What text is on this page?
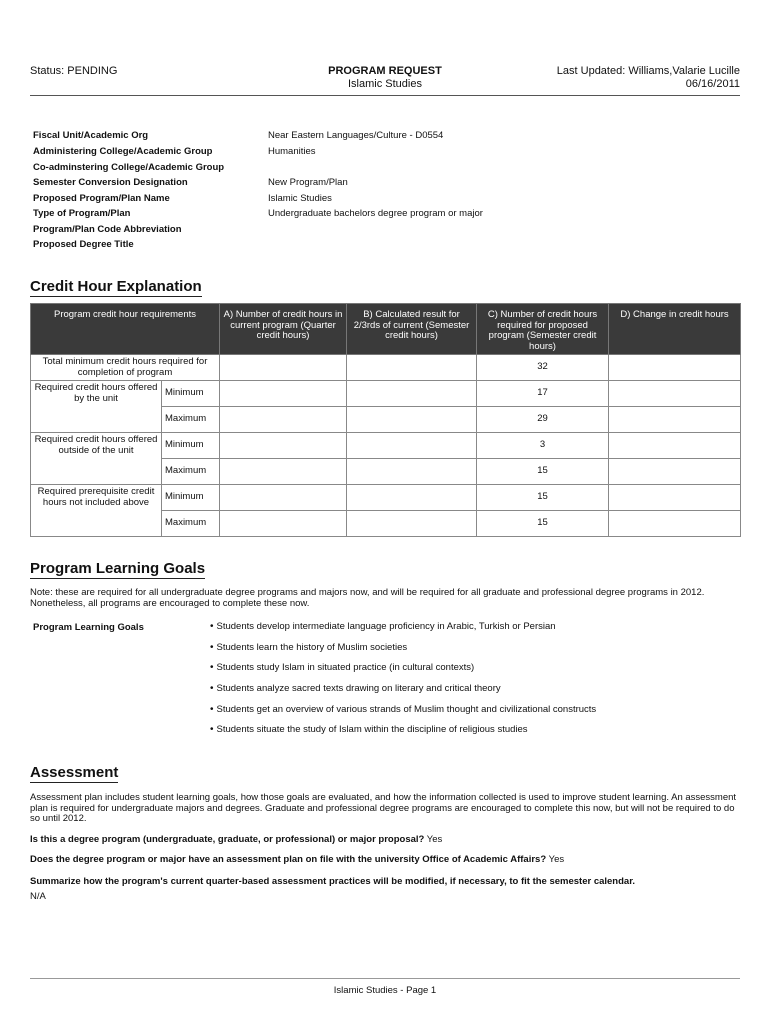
Status: PENDING	PROGRAM REQUEST
Islamic Studies
Last Updated: Williams,Valarie Lucille
06/16/2011
Fiscal Unit/Academic Org	Near Eastern Languages/Culture - D0554
Administering College/Academic Group	Humanities
Co-adminstering College/Academic Group
Semester Conversion Designation	New Program/Plan
Proposed Program/Plan Name	Islamic Studies
Type of Program/Plan	Undergraduate bachelors degree program or major
Program/Plan Code Abbreviation
Proposed Degree Title
Credit Hour Explanation
Program credit hour requirements		A) Number of credit hours in current program (Quarter credit hours)	B) Calculated result for 2/3rds of current (Semester credit hours)	C) Number of credit hours required for proposed program (Semester credit hours)	D) Change in credit hours
Total minimum credit hours required for completion of program				32	
Required credit hours offered by the unit	Minimum			17	
	Maximum			29	
Required credit hours offered outside of the unit	Minimum			3	
	Maximum			15	
Required prerequisite credit hours not included above	Minimum			15	
	Maximum			15	
Program Learning Goals
Note: these are required for all undergraduate degree programs and majors now, and will be required for all graduate and professional degree programs in 2012. Nonetheless, all programs are encouraged to complete these now.
Program Learning Goals	• Students develop intermediate language proficiency in Arabic, Turkish or Persian
• Students learn the history of Muslim societies
• Students study Islam in situated practice (in cultural contexts)
• Students analyze sacred texts drawing on literary and critical theory
• Students get an overview of various strands of Muslim thought and civilizational constructs
• Students situate the study of Islam within the discipline of religious studies
Assessment
Assessment plan includes student learning goals, how those goals are evaluated, and how the information collected is used to improve student learning. An assessment plan is required for undergraduate majors and degrees. Graduate and professional degree programs are encouraged to complete this now, but will not be required to do so until 2012.
Is this a degree program (undergraduate, graduate, or professional) or major proposal? Yes
Does the degree program or major have an assessment plan on file with the university Office of Academic Affairs? Yes
Summarize how the program's current quarter-based assessment practices will be modified, if necessary, to fit the semester calendar.
N/A
Islamic Studies - Page 1
